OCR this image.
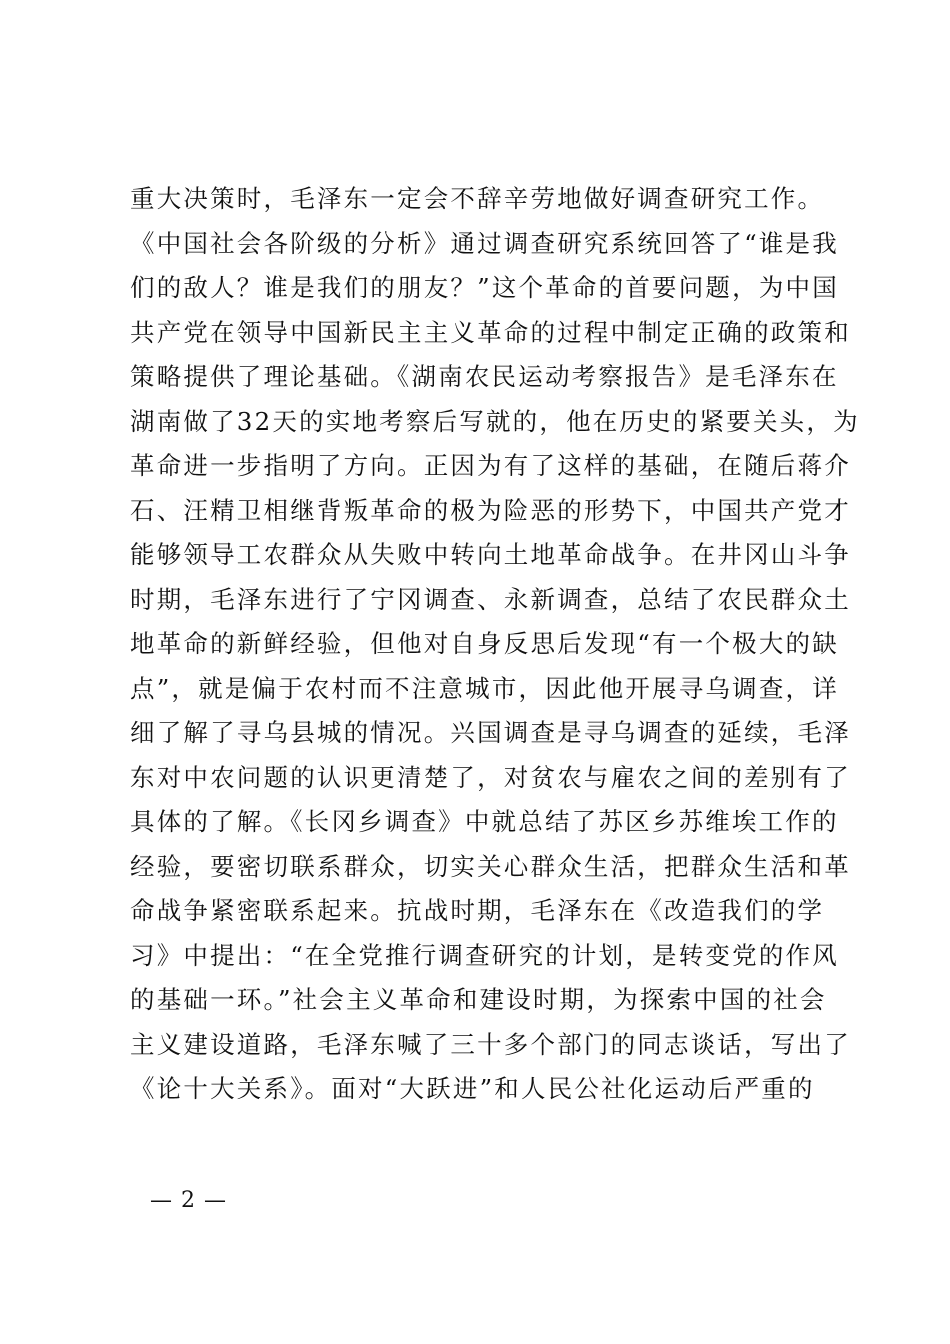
重大决策时，毛泽东一定会不辞辛劳地做好调查研究工作。
《中国社会各阶级的分析》通过调查研究系统回答了“谁是我
们的敌人？谁是我们的朋友？”这个革命的首要问题，为中国
共产党在领导中国新民主主义革命的过程中制定正确的政策和
策略提供了理论基础。《湖南农民运动考察报告》是毛泽东在
湖南做了32天的实地考察后写就的，他在历史的紧要关头，为
革命进一步指明了方向。正因为有了这样的基础，在随后蒋介
石、汪精卫相继背叛革命的极为险恶的形势下，中国共产党才
能够领导工农群众从失败中转向土地革命战争。在井冈山斗争
时期，毛泽东进行了宁冈调查、永新调查，总结了农民群众土
地革命的新鲜经验，但他对自身反思后发现“有一个极大的缺
点”，就是偏于农村而不注意城市，因此他开展寻乌调查，详
细了解了寻乌县城的情况。兴国调查是寻乌调查的延续，毛泽
东对中农问题的认识更清楚了，对贫农与雇农之间的差别有了
具体的了解。《长冈乡调查》中就总结了苏区乡苏维埃工作的
经验，要密切联系群众，切实关心群众生活，把群众生活和革
命战争紧密联系起来。抗战时期，毛泽东在《改造我们的学
习》中提出：“在全党推行调查研究的计划，是转变党的作风
的基础一环。”社会主义革命和建设时期，为探索中国的社会
主义建设道路，毛泽东喊了三十多个部门的同志谈话，写出了
《论十大关系》。面对“大跃进”和人民公社化运动后严重的
— 2 —
